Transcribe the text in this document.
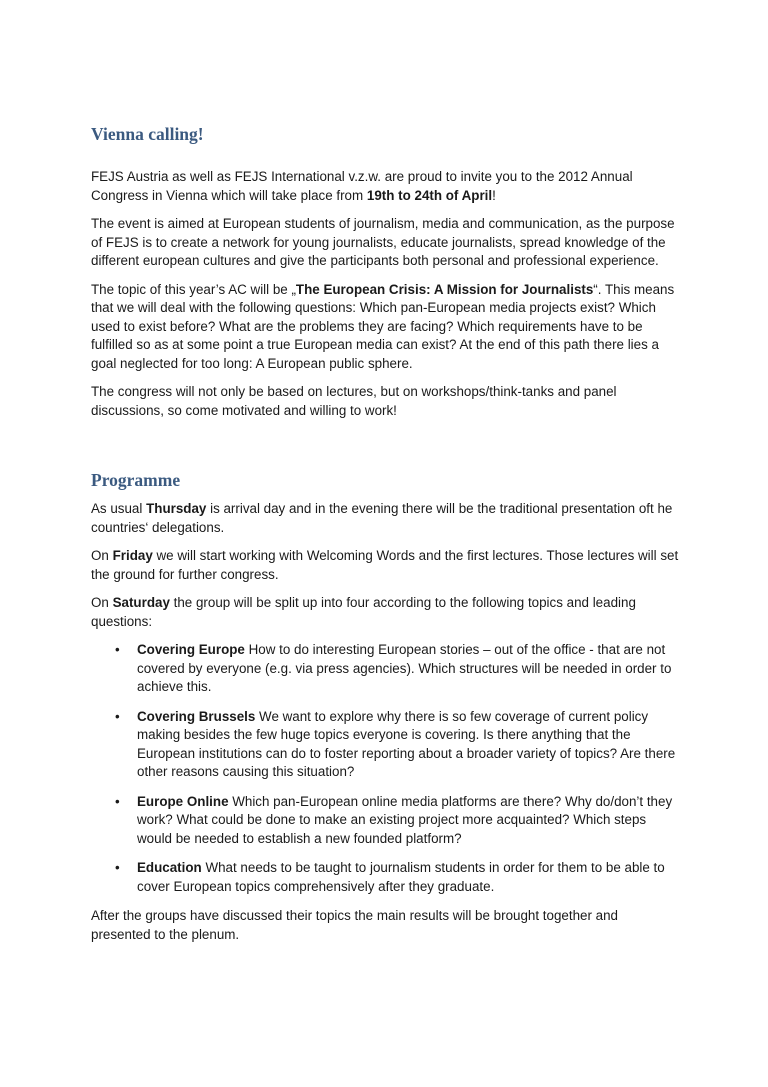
Vienna calling!

FEJS Austria as well as FEJS International v.z.w. are proud to invite you to the 2012 Annual Congress in Vienna which will take place from 19th to 24th of April!

The event is aimed at European students of journalism, media and communication, as the purpose of FEJS is to create a network for young journalists, educate journalists, spread knowledge of the different european cultures and give the participants both personal and professional experience.

The topic of this year’s AC will be „The European Crisis: A Mission for Journalists“. This means that we will deal with the following questions: Which pan-European media projects exist? Which used to exist before? What are the problems they are facing? Which requirements have to be fulfilled so as at some point a true European media can exist? At the end of this path there lies a goal neglected for too long: A European public sphere.

The congress will not only be based on lectures, but on workshops/think-tanks and panel discussions, so come motivated and willing to work!

Programme

As usual Thursday is arrival day and in the evening there will be the traditional presentation oft he countries‘ delegations.

On Friday we will start working with Welcoming Words and the first lectures. Those lectures will set the ground for further congress.

On Saturday the group will be split up into four according to the following topics and leading questions:

• Covering Europe How to do interesting European stories – out of the office - that are not covered by everyone (e.g. via press agencies). Which structures will be needed in order to achieve this.
• Covering Brussels We want to explore why there is so few coverage of current policy making besides the few huge topics everyone is covering. Is there anything that the European institutions can do to foster reporting about a broader variety of topics? Are there other reasons causing this situation?
• Europe Online Which pan-European online media platforms are there? Why do/don’t they work? What could be done to make an existing project more acquainted? Which steps would be needed to establish a new founded platform?
• Education What needs to be taught to journalism students in order for them to be able to cover European topics comprehensively after they graduate.

After the groups have discussed their topics the main results will be brought together and presented to the plenum.
